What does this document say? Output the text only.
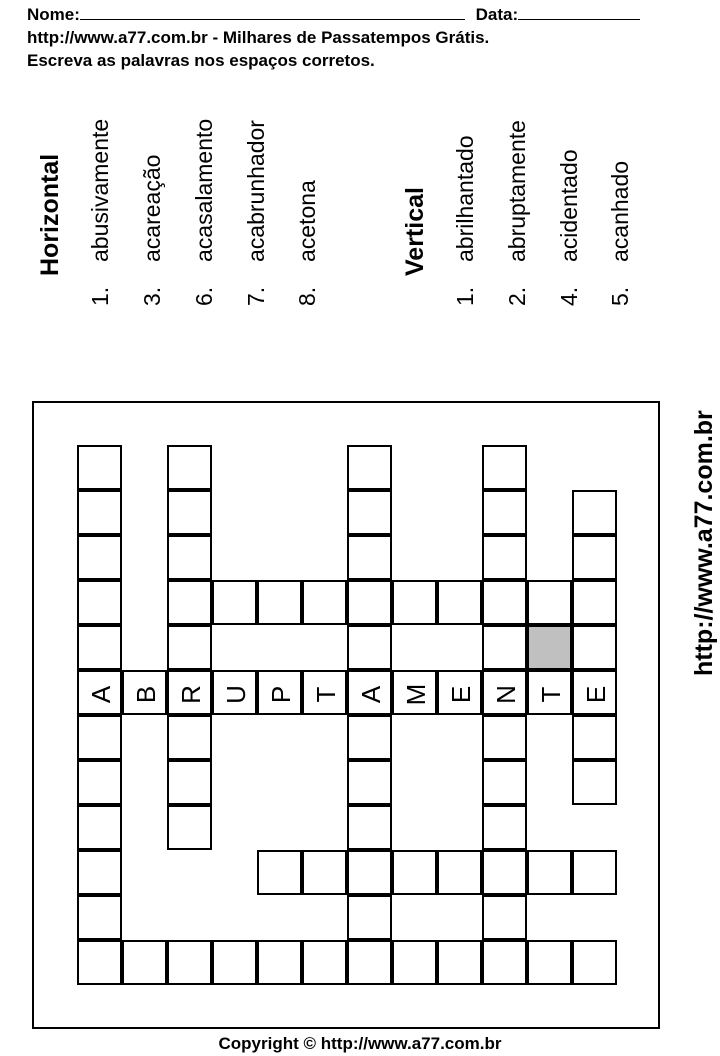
Nome:	Data:
http://www.a77.com.br - Milhares de Passatempos Grátis.
Escreva as palavras nos espaços corretos.
Horizontal
1.abusivamente
3.acareação
6.acasalamento
7.acabrunhador
8.acetona	Vertical
1.abrilhantado
2.abruptamente
4.acidentado
5.acanhado
A B R U P T A M E N T E
http://www.a77.com.br
Copyright © http://www.a77.com.br
